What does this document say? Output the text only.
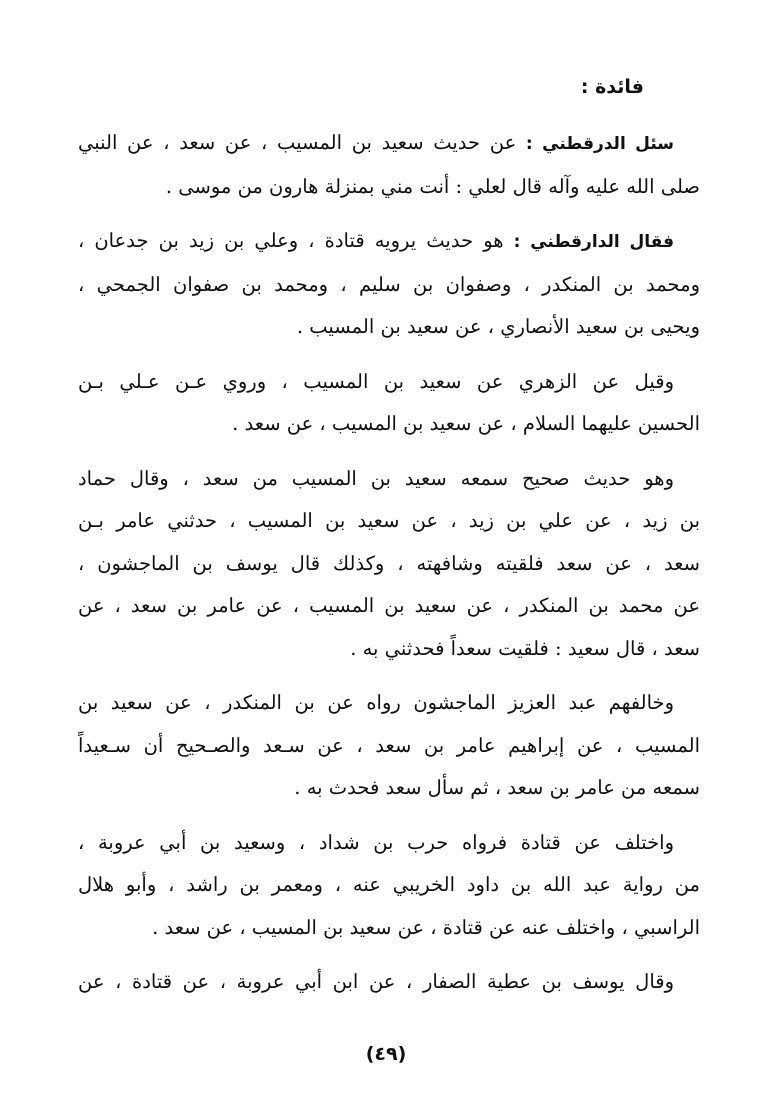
فائدة :

سئل الدرقطني : عن حديث سعيد بن المسيب ، عن سعد ، عن النبي
صلى الله عليه وآله قال لعلي : أنت مني بمنزلة هارون من موسى .

فقال الدارقطني : هو حديث يرويه قتادة ، وعلي بن زيد بن جدعان ،
ومحمد بن المنكدر ، وصفوان بن سليم ، ومحمد بن صفوان الجمحي ،
ويحيى بن سعيد الأنصاري ، عن سعيد بن المسيب .

وقيل عن الزهري عن سعيد بن المسيب ، وروي عـن عـلي بـن
الحسين عليهما السلام ، عن سعيد بن المسيب ، عن سعد .

وهو حديث صحيح سمعه سعيد بن المسيب من سعد ، وقال حماد
بن زيد ، عن علي بن زيد ، عن سعيد بن المسيب ، حدثني عامر بـن
سعد ، عن سعد فلقيته وشافهته ، وكذلك قال يوسف بن الماجشون ،
عن محمد بن المنكدر ، عن سعيد بن المسيب ، عن عامر بن سعد ، عن
سعد ، قال سعيد : فلقيت سعداً فحدثني به .

وخالفهم عبد العزيز الماجشون رواه عن بن المنكدر ، عن سعيد بن
المسيب ، عن إبراهيم عامر بن سعد ، عن سـعد والصـحيح أن سـعيداً
سمعه من عامر بن سعد ، ثم سأل سعد فحدث به .

واختلف عن قتادة فرواه حرب بن شداد ، وسعيد بن أبي عروبة ،
من رواية عبد الله بن داود الخريبي عنه ، ومعمر بن راشد ، وأبو هلال
الراسبي ، واختلف عنه عن قتادة ، عن سعيد بن المسيب ، عن سعد .

وقال يوسف بن عطية الصفار ، عن ابن أبي عروبة ، عن قتادة ، عن

(٤٩)
